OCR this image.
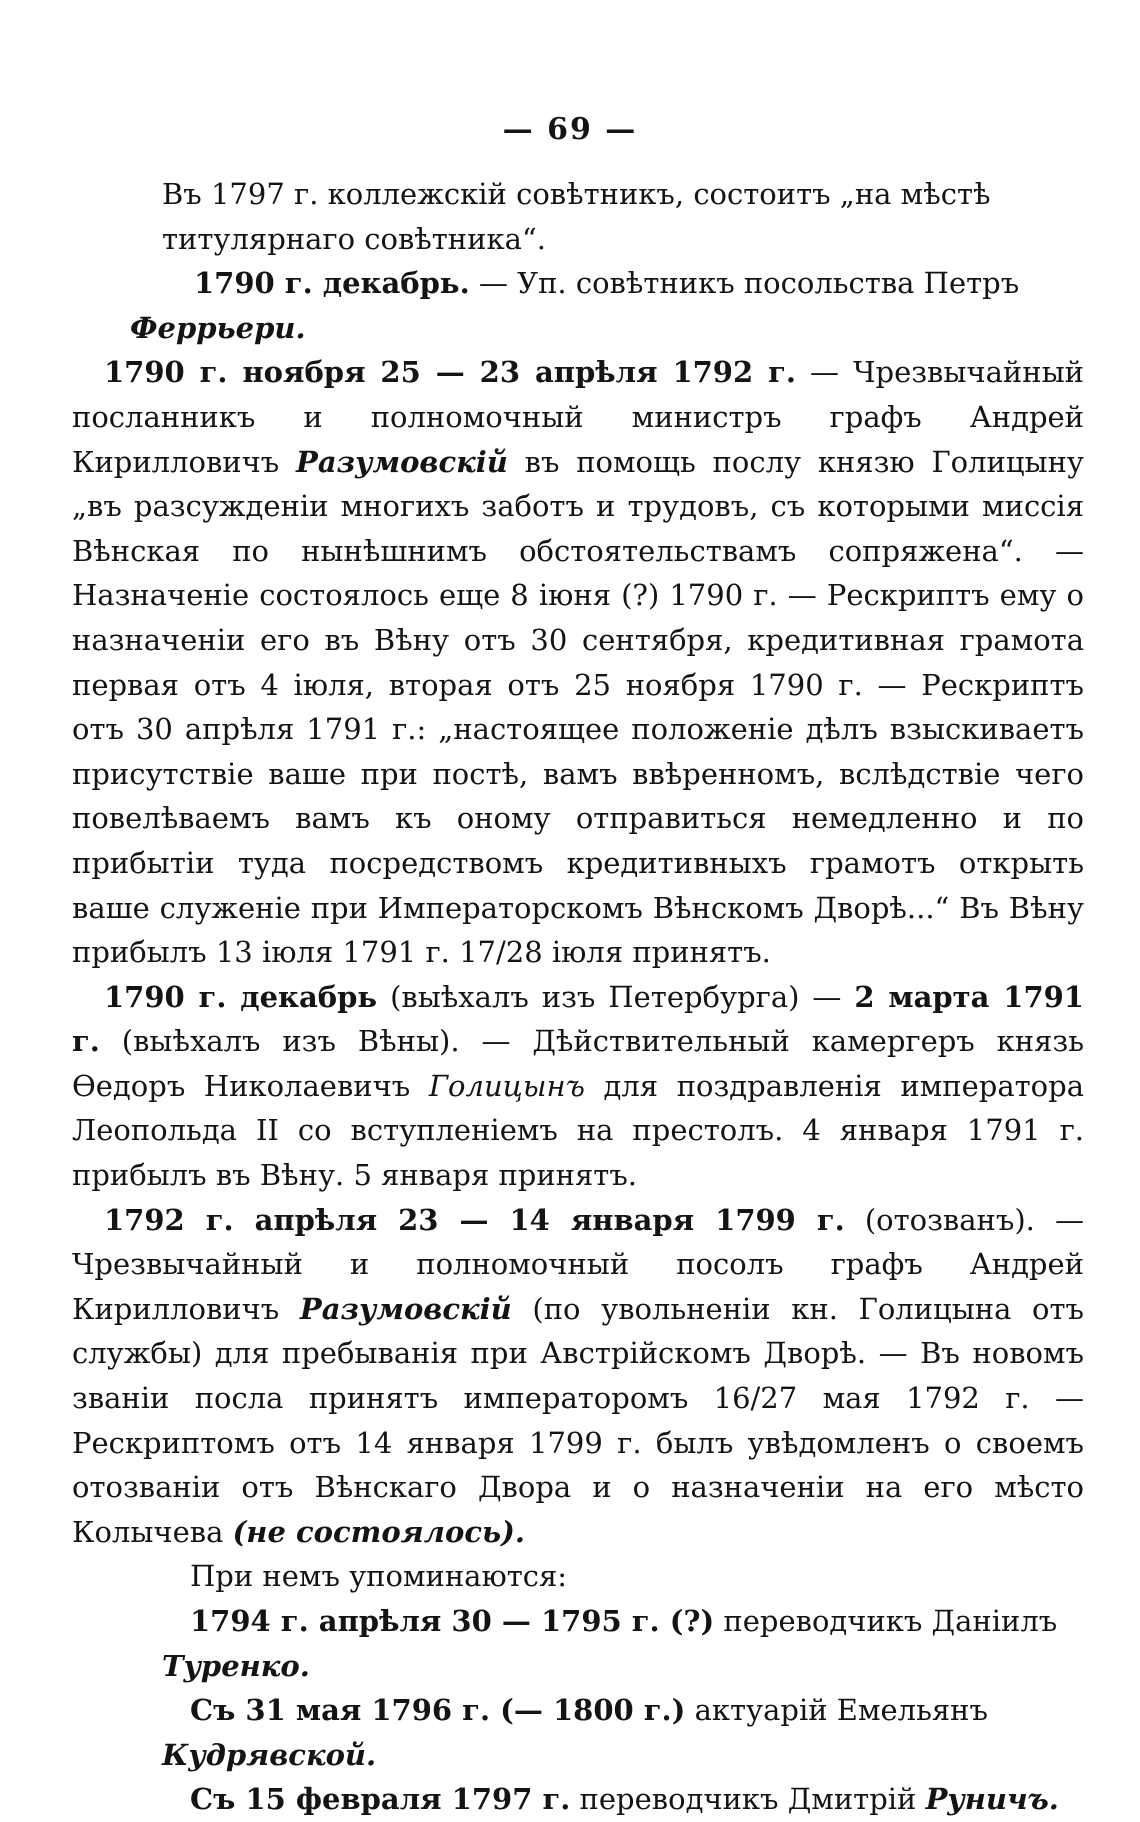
— 69 —

Въ 1797 г. коллежскій совѣтникъ, состоитъ „на мѣстѣ
титулярнаго совѣтника“.

1790 г. декабрь. — Уп. совѣтникъ посольства Петръ
Феррьери.

1790 г. ноября 25 — 23 апрѣля 1792 г. — Чрезвычайный посланникъ и полномочный министръ графъ Андрей Кирилловичъ Разумовскій въ помощь послу князю Голицыну „въ разсужденіи многихъ заботъ и трудовъ, съ которыми миссія Вѣнская по нынѣшнимъ обстоятельствамъ сопряжена“. — Назначеніе состоялось еще 8 іюня (?) 1790 г. — Рескриптъ ему о назначеніи его въ Вѣну отъ 30 сентября, кредитивная грамота первая отъ 4 іюля, вторая отъ 25 ноября 1790 г. — Рескриптъ отъ 30 апрѣля 1791 г.: „настоящее положеніе дѣлъ взыскиваетъ присутствіе ваше при постѣ, вамъ ввѣренномъ, вслѣдствіе чего повелѣваемъ вамъ къ оному отправиться немедленно и по прибытіи туда посредствомъ кредитивныхъ грамотъ открыть ваше служеніе при Императорскомъ Вѣнскомъ Дворѣ...“ Въ Вѣну прибылъ 13 іюля 1791 г. 17/28 іюля принятъ.

1790 г. декабрь (выѣхалъ изъ Петербурга) — 2 марта 1791 г. (выѣхалъ изъ Вѣны). — Дѣйствительный камергеръ князь Ѳедоръ Николаевичъ Голицынъ для поздравленія императора Леопольда II со вступленіемъ на престолъ. 4 января 1791 г. прибылъ въ Вѣну. 5 января принятъ.

1792 г. апрѣля 23 — 14 января 1799 г. (отозванъ). — Чрезвычайный и полномочный посолъ графъ Андрей Кирилловичъ Разумовскій (по увольненіи кн. Голицына отъ службы) для пребыванія при Австрійскомъ Дворѣ. — Въ новомъ званіи посла принятъ императоромъ 16/27 мая 1792 г. — Рескриптомъ отъ 14 января 1799 г. былъ увѣдомленъ о своемъ отозваніи отъ Вѣнскаго Двора и о назначеніи на его мѣсто Колычева (не состоялось).

При немъ упоминаются:

1794 г. апрѣля 30 — 1795 г. (?) переводчикъ Даніилъ
Туренко.

Съ 31 мая 1796 г. (— 1800 г.) актуарій Емельянъ
Кудрявской.

Съ 15 февраля 1797 г. переводчикъ Дмитрій Руничъ.
